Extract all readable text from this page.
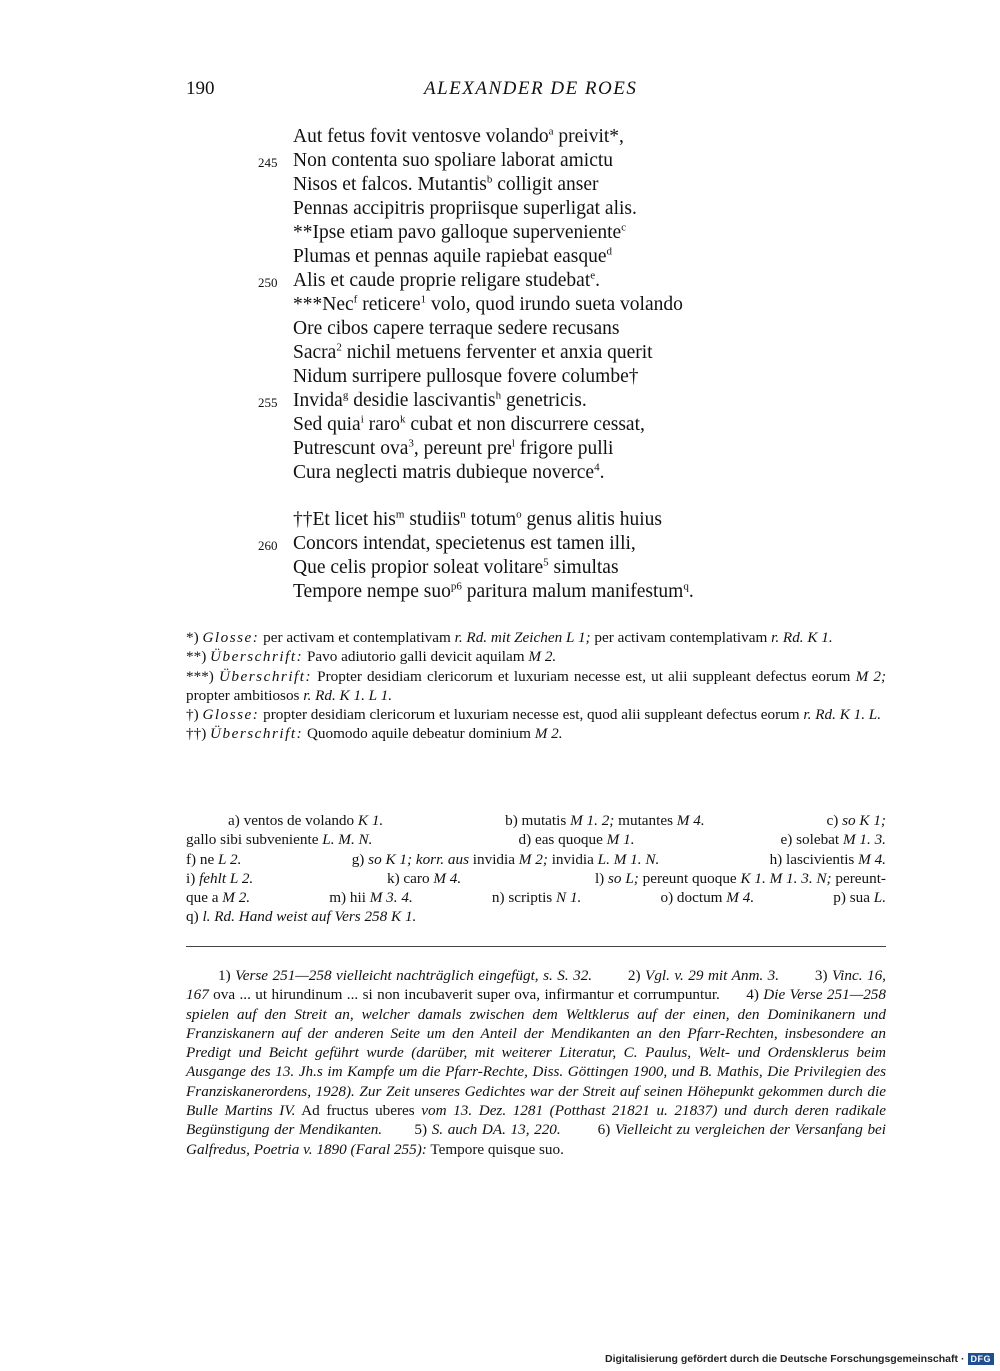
190	ALEXANDER DE ROES
Aut fetus fovit ventosve volando$^a$ preivit*,
Non contenta suo spoliare laborat amictu
245
Nisos et falcos. Mutantis$^b$ colligit anser
Pennas accipitris propriisque superligat alis.
**Ipse etiam pavo galloque superveniente$^c$
Plumas et pennas aquile rapiebat easque$^d$
Alis et caude proprie religare studebat$^e$.
250
***Nec$^f$ reticere$^1$ volo, quod irundo sueta volando
Ore cibos capere terraque sedere recusans
Sacra$^2$ nichil metuens ferventer et anxia querit
Nidum surripere pullosque fovere columbe†
Invida$^g$ desidie lascivantis$^h$ genetricis.
255
Sed quia$^i$ raro$^k$ cubat et non discurrere cessat,
Putrescunt ova$^3$, pereunt pre$^l$ frigore pulli
Cura neglecti matris dubieque noverce$^4$.
††Et licet his$^m$ studiis$^n$ totum$^o$ genus alitis huius
Concors intendat, specietenus est tamen illi,
260
Que celis propior soleat volitare$^5$ simultas
Tempore nempe suo$^{p6}$ paritura malum manifestum$^q$.

*) Glosse: per activam et contemplativam r. Rd. mit Zeichen L 1; per activam contemplativam r. Rd. K 1.

**) Überschrift: Pavo adiutorio galli devicit aquilam M 2.

***) Überschrift: Propter desidiam clericorum et luxuriam necesse est, ut alii suppleant defectus eorum M 2; propter ambitiosos r. Rd. K 1. L 1.

†) Glosse: propter desidiam clericorum et luxuriam necesse est, quod alii suppleant defectus eorum r. Rd. K 1. L.

††) Überschrift: Quomodo aquile debeatur dominium M 2.

a) ventos de volando K 1.	b) mutatis M 1. 2; mutantes M 4.	c) so K 1;
gallo sibi subveniente L. M. N.	d) eas quoque M 1.	e) solebat M 1. 3.
f) ne L 2.	g) so K 1; korr. aus invidia M 2; invidia L. M 1. N.	h) lascivientis M 4.
i) fehlt L 2.	k) caro M 4.	l) so L; pereunt quoque K 1. M 1. 3. N; pereunt-
que a M 2.	m) hii M 3. 4.	n) scriptis N 1.	o) doctum M 4.	p) sua L.
q) l. Rd. Hand weist auf Vers 258 K 1.

1) Verse 251—258 vielleicht nachträglich eingefügt, s. S. 32.        2) Vgl. v. 29 mit Anm. 3.        3) Vinc. 16, 167 ova ... ut hirundinum ... si non incubaverit super ova, infirmantur et corrumpuntur.      4) Die Verse 251—258 spielen auf den Streit an, welcher damals zwischen dem Weltklerus auf der einen, den Dominikanern und Franziskanern auf der anderen Seite um den Anteil der Mendikanten an den Pfarr-Rechten, insbesondere an Predigt und Beicht geführt wurde (darüber, mit weiterer Literatur, C. Paulus, Welt- und Ordensklerus beim Ausgange des 13. Jh.s im Kampfe um die Pfarr-Rechte, Diss. Göttingen 1900, und B. Mathis, Die Privilegien des Franziskanerordens, 1928). Zur Zeit unseres Gedichtes war der Streit auf seinen Höhepunkt gekommen durch die Bulle Martins IV. Ad fructus uberes vom 13. Dez. 1281 (Potthast 21821 u. 21837) und durch deren radikale Begünstigung der Mendikanten.       5) S. auch DA. 13, 220.        6) Vielleicht zu vergleichen der Versanfang bei Galfredus, Poetria v. 1890 (Faral 255): Tempore quisque suo.

Digitalisierung gefördert durch die Deutsche Forschungsgemeinschaft · DFG
